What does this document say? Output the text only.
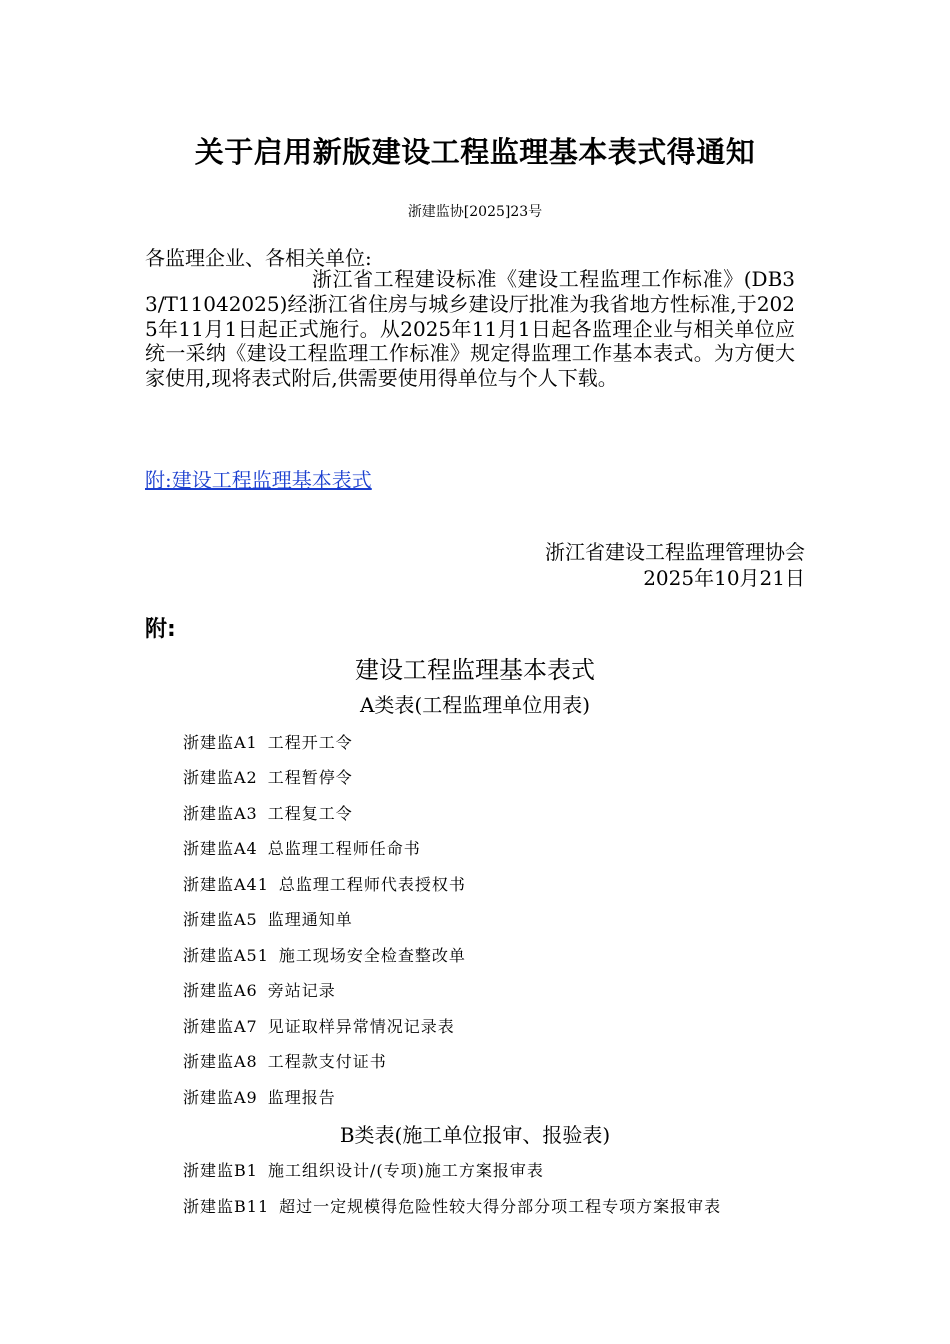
关于启用新版建设工程监理基本表式得通知
浙建监协[2025]23号
各监理企业、各相关单位:
浙江省工程建设标准《建设工程监理工作标准》(DB33/T11042025)经浙江省住房与城乡建设厅批准为我省地方性标准,于2025年11月1日起正式施行。从2025年11月1日起各监理企业与相关单位应统一采纳《建设工程监理工作标准》规定得监理工作基本表式。为方便大家使用,现将表式附后,供需要使用得单位与个人下载。
附:建设工程监理基本表式
浙江省建设工程监理管理协会
2025年10月21日
附:
建设工程监理基本表式
A类表(工程监理单位用表)
浙建监A1 工程开工令
浙建监A2 工程暂停令
浙建监A3 工程复工令
浙建监A4 总监理工程师任命书
浙建监A41 总监理工程师代表授权书
浙建监A5 监理通知单
浙建监A51 施工现场安全检查整改单
浙建监A6 旁站记录
浙建监A7 见证取样异常情况记录表
浙建监A8 工程款支付证书
浙建监A9 监理报告
B类表(施工单位报审、报验表)
浙建监B1 施工组织设计/(专项)施工方案报审表
浙建监B11 超过一定规模得危险性较大得分部分项工程专项方案报审表
